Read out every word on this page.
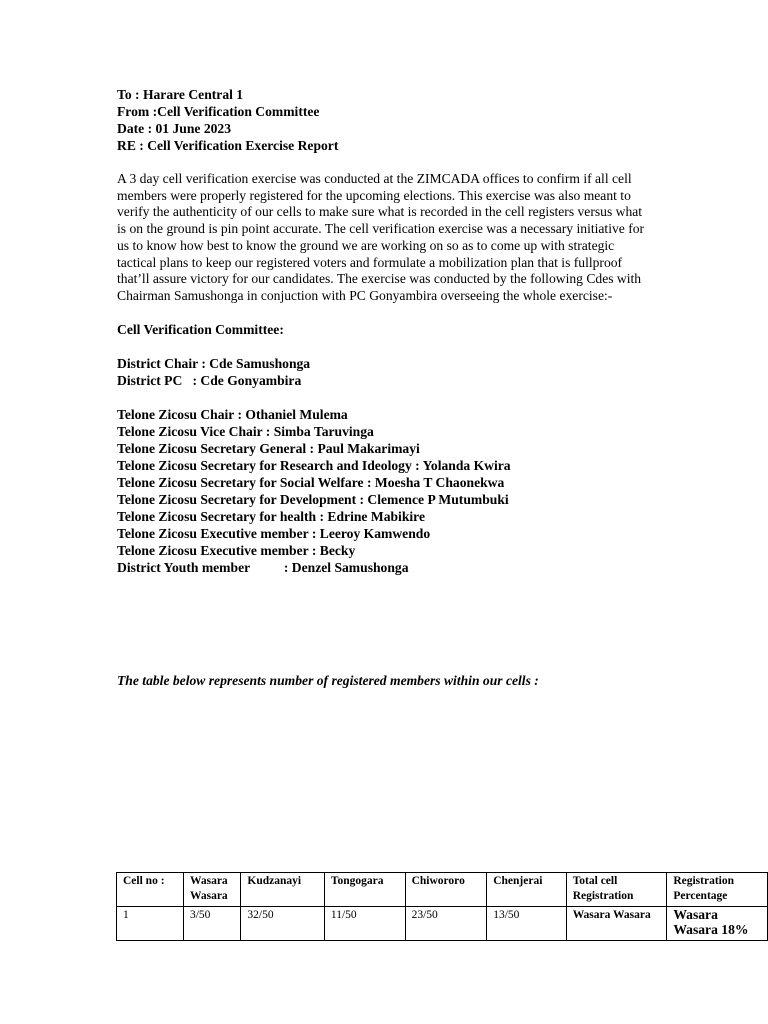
To : Harare Central 1
From :Cell Verification Committee
Date : 01 June 2023
RE : Cell Verification Exercise Report

A 3 day cell verification exercise was conducted at the ZIMCADA offices to confirm if all cell members were properly registered for the upcoming elections. This exercise was also meant to verify the authenticity of our cells to make sure what is recorded in the cell registers versus what is on the ground is pin point accurate. The cell verification exercise was a necessary initiative for us to know how best to know the ground we are working on so as to come up with strategic tactical plans to keep our registered voters and formulate a mobilization plan that is fullproof that’ll assure victory for our candidates. The exercise was conducted by the following Cdes with Chairman Samushonga in conjuction with PC Gonyambira overseeing the whole exercise:-

Cell Verification Committee:
District Chair : Cde Samushonga
District PC   : Cde Gonyambira
Telone Zicosu Chair : Othaniel Mulema
Telone Zicosu Vice Chair : Simba Taruvinga
Telone Zicosu Secretary General : Paul Makarimayi
Telone Zicosu Secretary for Research and Ideology : Yolanda Kwira
Telone Zicosu Secretary for Social Welfare : Moesha T Chaonekwa
Telone Zicosu Secretary for Development : Clemence P Mutumbuki
Telone Zicosu Secretary for health : Edrine Mabikire
Telone Zicosu Executive member : Leeroy Kamwendo
Telone Zicosu Executive member : Becky
District Youth member          : Denzel Samushonga
The table below represents number of registered members within our cells :
Cell no :	Wasara Wasara	Kudzanayi	Tongogara	Chiwororo	Chenjerai	Total cell Registration	Registration Percentage
1	3/50	32/50	11/50	23/50	13/50	Wasara Wasara	Wasara Wasara 18%
